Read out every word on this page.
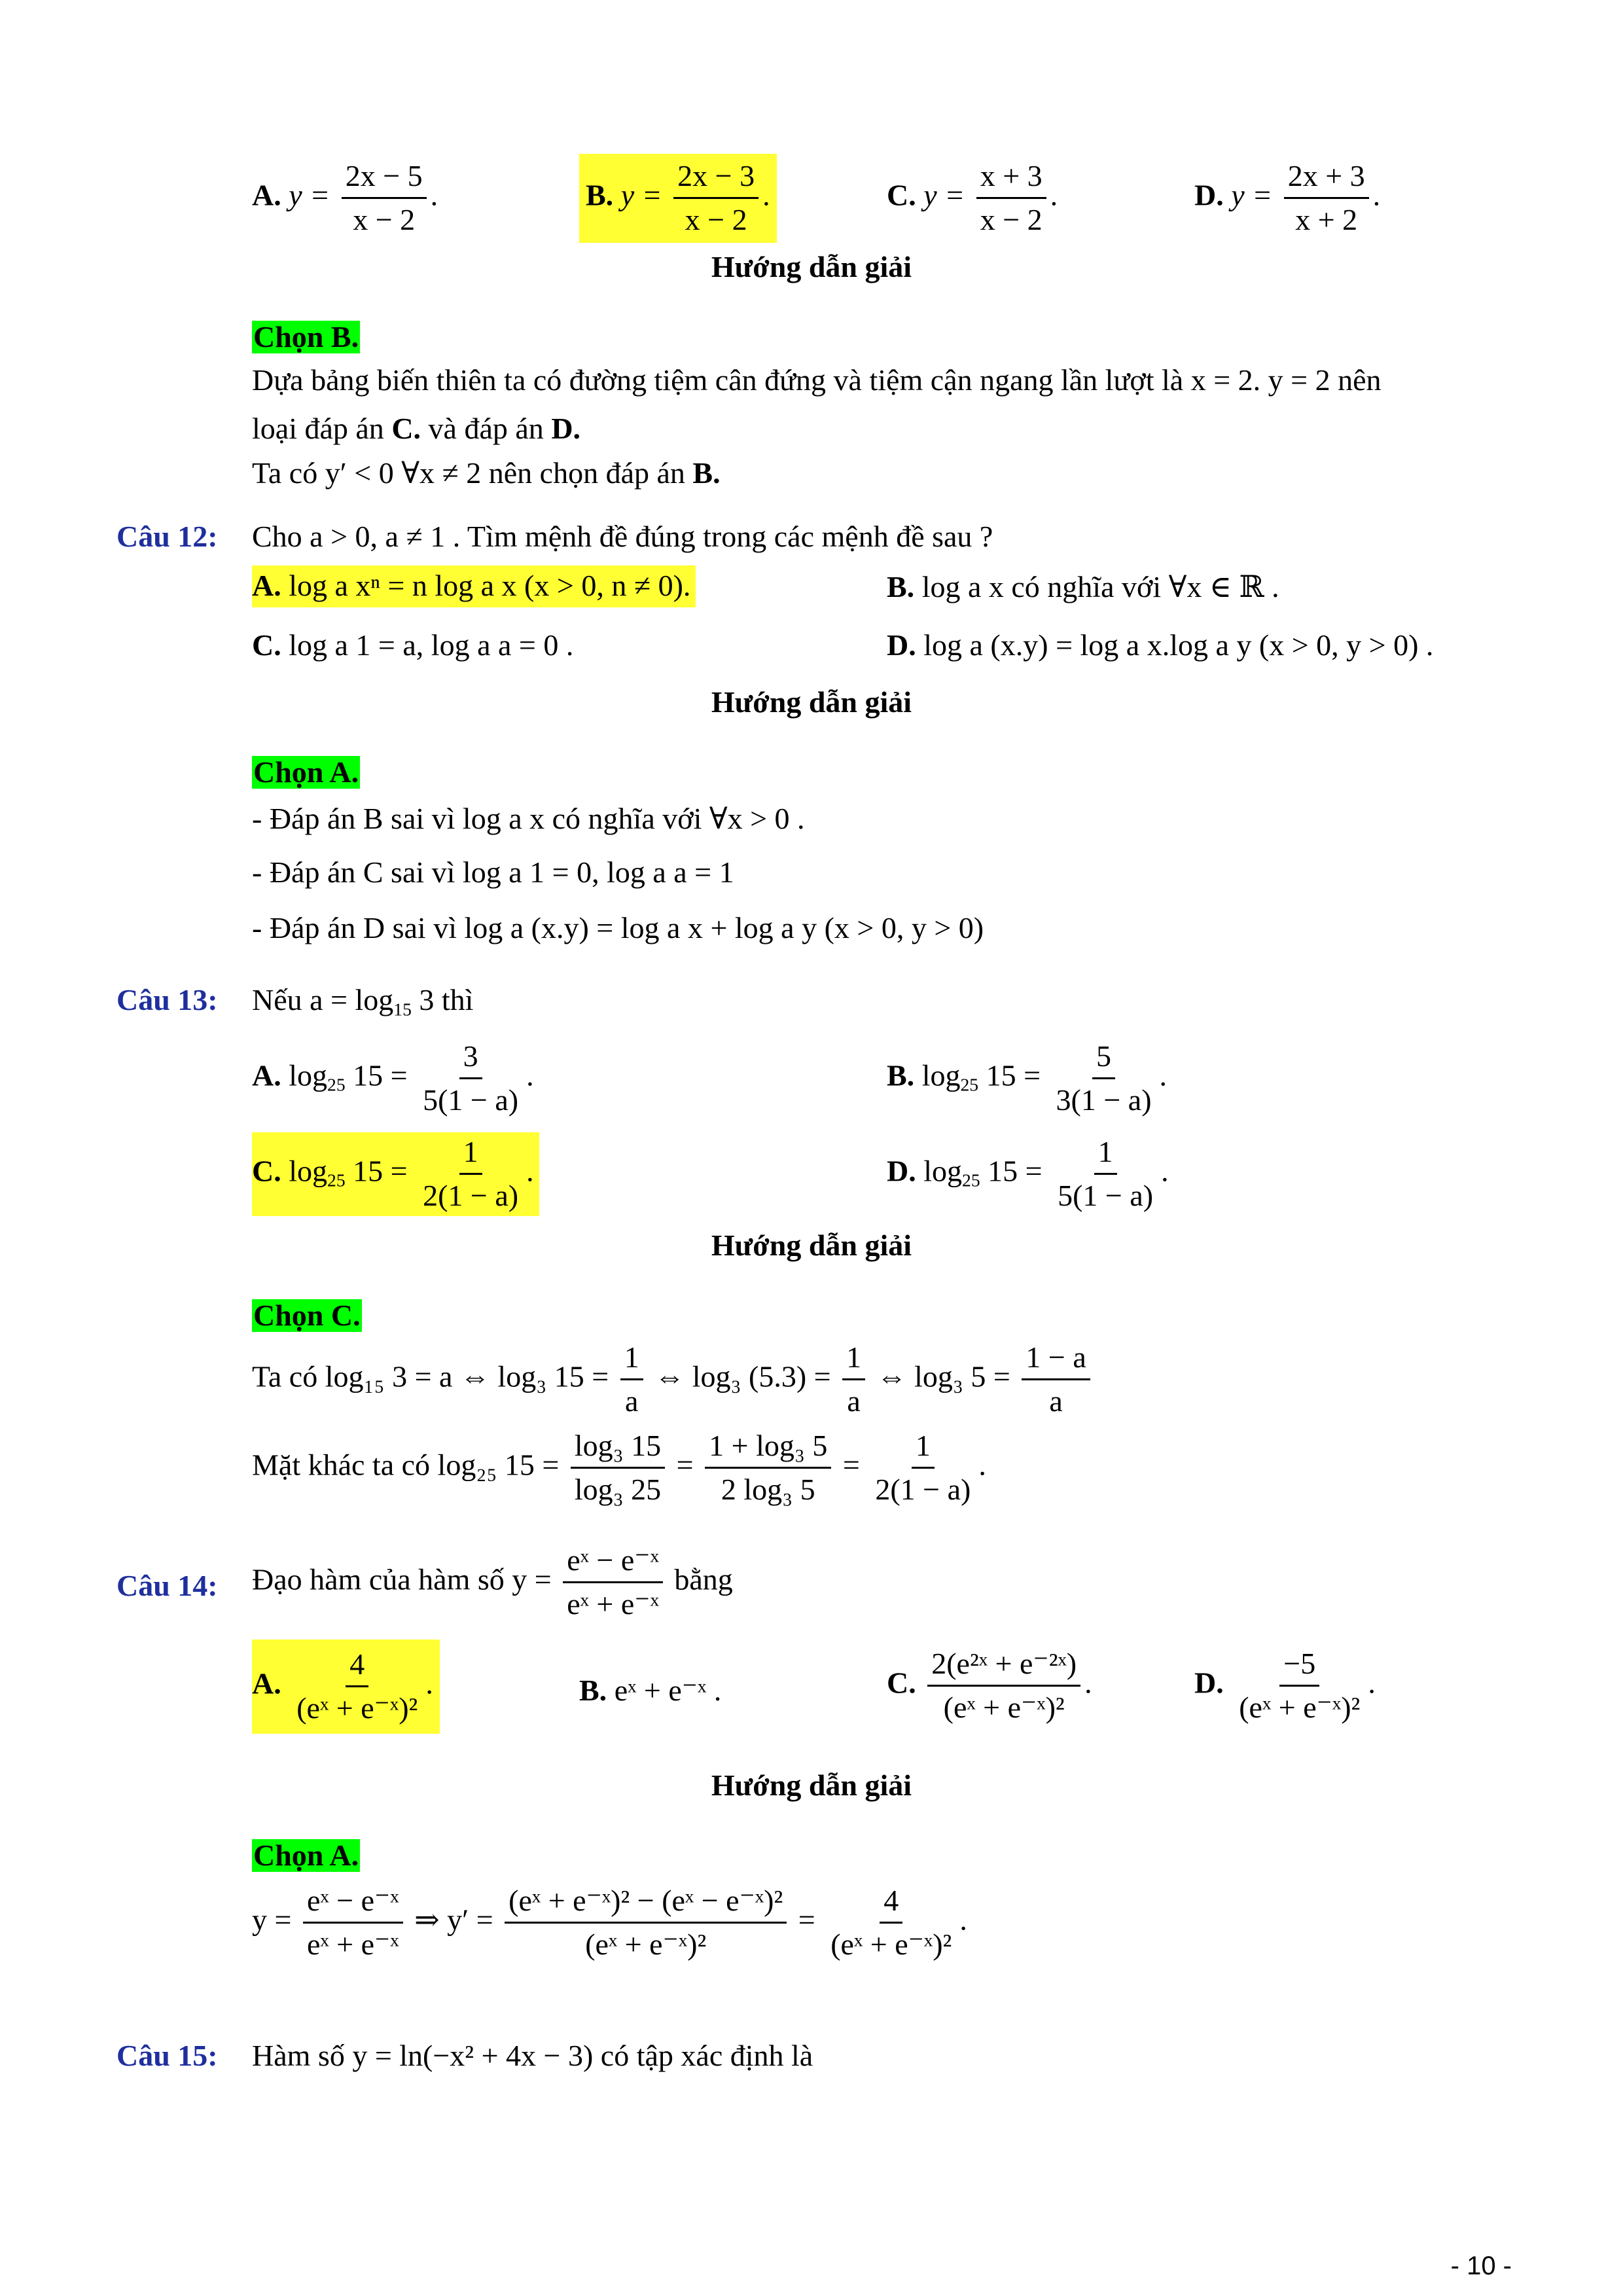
A. $y = \frac{2x - 5}{x - 2}$ .	B. $y = \frac{2x - 3}{x - 2}$ .	C. $y = \frac{x + 3}{x - 2}$ .	D. $y = \frac{2x + 3}{x + 2}$ .
Hướng dẫn giải
Chọn B.
Dựa bảng biến thiên ta có đường tiệm cân đứng và tiệm cận ngang lần lượt là x = 2. y = 2 nên
loại đáp án C. và đáp án D.
Ta có y′ < 0 ∀x ≠ 2 nên chọn đáp án B.
Câu 12: Cho a > 0, a ≠ 1 . Tìm mệnh đề đúng trong các mệnh đề sau ?
A. log a xⁿ = n log a x (x > 0, n ≠ 0).	B. log a x có nghĩa với ∀x ∈ ℝ .
C. log a 1 = a, log a a = 0 .	D. log a (x.y) = log a x.log a y (x > 0, y > 0) .
Hướng dẫn giải
Chọn A.
- Đáp án B sai vì log a x có nghĩa với ∀x > 0 .
- Đáp án C sai vì log a 1 = 0, log a a = 1
- Đáp án D sai vì log a (x.y) = log a x + log a y (x > 0, y > 0)
Câu 13: Nếu $a = \log_{15} 3$ thì
A. $\log_{25} 15 = \frac{3}{5(1 - a)}$ .	B. $\log_{25} 15 = \frac{5}{3(1 - a)}$ .
C. $\log_{25} 15 = \frac{1}{2(1 - a)}$ .	D. $\log_{25} 15 = \frac{1}{5(1 - a)}$ .
Hướng dẫn giải
Chọn C.
Ta có log₁₅ 3 = a ⇔ log₃ $15 = \frac{1}{a}$ ⇔ log₃ $(5.3) = \frac{1}{a}$ ⇔ log₃ $5 = \frac{1 - a}{a}$
Mặt khác ta có log₂₅ $15 = \frac{\text{log₃ 15}}{\text{log₃ 25}} = \frac{\text{1 + log₃ 5}}{\text{2 log₃ 5}} = \frac{1}{2(1 - a)}$ .
Câu 14: Đạo hàm của hàm số $y = \frac{\text{eˣ − e⁻ˣ}}{\text{eˣ + e⁻ˣ}}$ bằng
A. $\frac{4}{\text{(eˣ + e⁻ˣ)²}}$ .	B. eˣ + e⁻ˣ .	C. $\frac{\text{2(e²ˣ + e⁻²ˣ)}}{\text{(eˣ + e⁻ˣ)²}}$ .	D. $\frac{-5}{\text{(eˣ + e⁻ˣ)²}}$ .
Hướng dẫn giải
Chọn A.
$y = \frac{\text{eˣ − e⁻ˣ}}{\text{eˣ + e⁻ˣ}}$ ⇒ $y' = \frac{\text{(eˣ + e⁻ˣ)² − (eˣ − e⁻ˣ)²}}{\text{(eˣ + e⁻ˣ)²}} = \frac{4}{\text{(eˣ + e⁻ˣ)²}}$ .
Câu 15: Hàm số y = ln(−x² + 4x − 3) có tập xác định là
- 10 -
